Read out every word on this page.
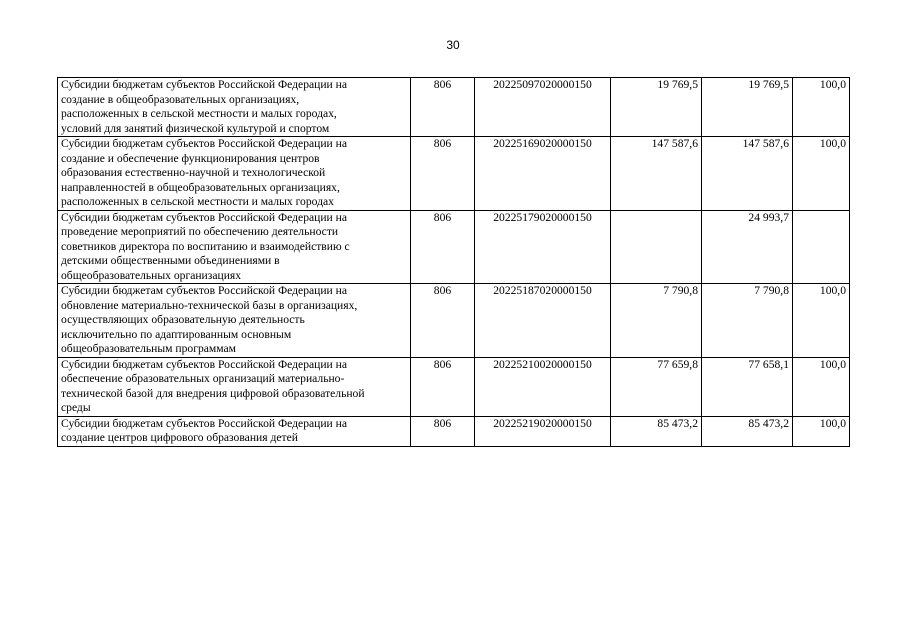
30
Субсидии бюджетам субъектов Российской Федерации на
создание в общеобразовательных организациях,
расположенных в сельской местности и малых городах,
условий для занятий физической культурой и спортом	806	20225097020000150	19 769,5	19 769,5	100,0
Субсидии бюджетам субъектов Российской Федерации на
создание и обеспечение функционирования центров
образования естественно-научной и технологической
направленностей в общеобразовательных организациях,
расположенных в сельской местности и малых городах	806	20225169020000150	147 587,6	147 587,6	100,0
Субсидии бюджетам субъектов Российской Федерации на
проведение мероприятий по обеспечению деятельности
советников директора по воспитанию и взаимодействию с
детскими общественными объединениями в
общеобразовательных организациях	806	20225179020000150		24 993,7	
Субсидии бюджетам субъектов Российской Федерации на
обновление материально-технической базы в организациях,
осуществляющих образовательную деятельность
исключительно по адаптированным основным
общеобразовательным программам	806	20225187020000150	7 790,8	7 790,8	100,0
Субсидии бюджетам субъектов Российской Федерации на
обеспечение образовательных организаций материально-
технической базой для внедрения цифровой образовательной
среды	806	20225210020000150	77 659,8	77 658,1	100,0
Субсидии бюджетам субъектов Российской Федерации на
создание центров цифрового образования детей	806	20225219020000150	85 473,2	85 473,2	100,0
